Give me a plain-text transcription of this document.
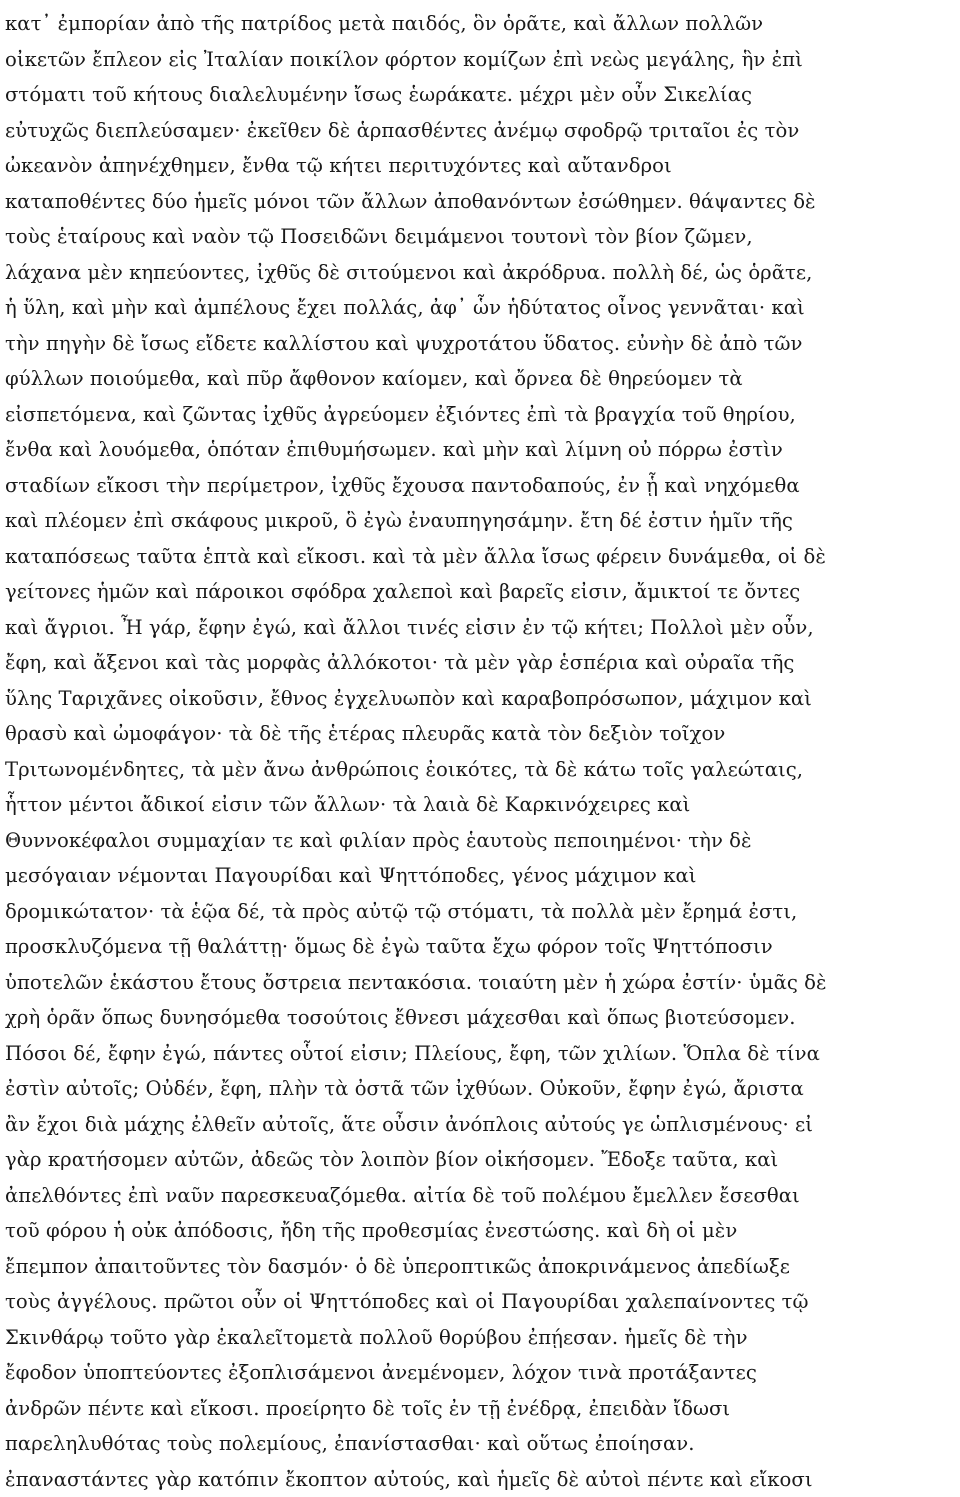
κατ᾽ ἐμπορίαν ἀπὸ τῆς πατρίδος μετὰ παιδός, ὃν ὁρᾶτε, καὶ ἄλλων πολλῶν
οἰκετῶν ἔπλεον εἰς Ἰταλίαν ποικίλον φόρτον κομίζων ἐπὶ νεὼς μεγάλης, ἣν ἐπὶ
στόματι τοῦ κήτους διαλελυμένην ἴσως ἑωράκατε. μέχρι μὲν οὖν Σικελίας
εὐτυχῶς διεπλεύσαμεν· ἐκεῖθεν δὲ ἁρπασθέντες ἀνέμῳ σφοδρῷ τριταῖοι ἐς τὸν
ὠκεανὸν ἀπηνέχθημεν, ἔνθα τῷ κήτει περιτυχόντες καὶ αὔτανδροι
καταποθέντες δύο ἡμεῖς μόνοι τῶν ἄλλων ἀποθανόντων ἐσώθημεν. θάψαντες δὲ
τοὺς ἑταίρους καὶ ναὸν τῷ Ποσειδῶνι δειμάμενοι τουτονὶ τὸν βίον ζῶμεν,
λάχανα μὲν κηπεύοντες, ἰχθῦς δὲ σιτούμενοι καὶ ἀκρόδρυα. πολλὴ δέ, ὡς ὁρᾶτε,
ἡ ὕλη, καὶ μὴν καὶ ἀμπέλους ἔχει πολλάς, ἀφ᾽ ὧν ἡδύτατος οἶνος γεννᾶται· καὶ
τὴν πηγὴν δὲ ἴσως εἴδετε καλλίστου καὶ ψυχροτάτου ὕδατος. εὐνὴν δὲ ἀπὸ τῶν
φύλλων ποιούμεθα, καὶ πῦρ ἄφθονον καίομεν, καὶ ὄρνεα δὲ θηρεύομεν τὰ
εἰσπετόμενα, καὶ ζῶντας ἰχθῦς ἀγρεύομεν ἐξιόντες ἐπὶ τὰ βραγχία τοῦ θηρίου,
ἔνθα καὶ λουόμεθα, ὁπόταν ἐπιθυμήσωμεν. καὶ μὴν καὶ λίμνη οὐ πόρρω ἐστὶν
σταδίων εἴκοσι τὴν περίμετρον, ἰχθῦς ἔχουσα παντοδαπούς, ἐν ᾗ καὶ νηχόμεθα
καὶ πλέομεν ἐπὶ σκάφους μικροῦ, ὃ ἐγὼ ἐναυπηγησάμην. ἔτη δέ ἐστιν ἡμῖν τῆς
καταπόσεως ταῦτα ἑπτὰ καὶ εἴκοσι. καὶ τὰ μὲν ἄλλα ἴσως φέρειν δυνάμεθα, οἱ δὲ
γείτονες ἡμῶν καὶ πάροικοι σφόδρα χαλεποὶ καὶ βαρεῖς εἰσιν, ἄμικτοί τε ὄντες
καὶ ἄγριοι. Ἦ γάρ, ἔφην ἐγώ, καὶ ἄλλοι τινές εἰσιν ἐν τῷ κήτει; Πολλοὶ μὲν οὖν,
ἔφη, καὶ ἄξενοι καὶ τὰς μορφὰς ἀλλόκοτοι· τὰ μὲν γὰρ ἑσπέρια καὶ οὐραῖα τῆς
ὕλης Ταριχᾶνες οἰκοῦσιν, ἔθνος ἐγχελυωπὸν καὶ καραβοπρόσωπον, μάχιμον καὶ
θρασὺ καὶ ὠμοφάγον· τὰ δὲ τῆς ἑτέρας πλευρᾶς κατὰ τὸν δεξιὸν τοῖχον
Τριτωνομένδητες, τὰ μὲν ἄνω ἀνθρώποις ἐοικότες, τὰ δὲ κάτω τοῖς γαλεώταις,
ἧττον μέντοι ἄδικοί εἰσιν τῶν ἄλλων· τὰ λαιὰ δὲ Καρκινόχειρες καὶ
Θυννοκέφαλοι συμμαχίαν τε καὶ φιλίαν πρὸς ἑαυτοὺς πεποιημένοι· τὴν δὲ
μεσόγαιαν νέμονται Παγουρίδαι καὶ Ψηττόποδες, γένος μάχιμον καὶ
δρομικώτατον· τὰ ἑῷα δέ, τὰ πρὸς αὐτῷ τῷ στόματι, τὰ πολλὰ μὲν ἔρημά ἐστι,
προσκλυζόμενα τῇ θαλάττῃ· ὅμως δὲ ἐγὼ ταῦτα ἔχω φόρον τοῖς Ψηττόποσιν
ὑποτελῶν ἑκάστου ἔτους ὄστρεια πεντακόσια. τοιαύτη μὲν ἡ χώρα ἐστίν· ὑμᾶς δὲ
χρὴ ὁρᾶν ὅπως δυνησόμεθα τοσούτοις ἔθνεσι μάχεσθαι καὶ ὅπως βιοτεύσομεν.
Πόσοι δέ, ἔφην ἐγώ, πάντες οὗτοί εἰσιν; Πλείους, ἔφη, τῶν χιλίων. Ὅπλα δὲ τίνα
ἐστὶν αὐτοῖς; Οὐδέν, ἔφη, πλὴν τὰ ὀστᾶ τῶν ἰχθύων. Οὐκοῦν, ἔφην ἐγώ, ἄριστα
ἂν ἔχοι διὰ μάχης ἐλθεῖν αὐτοῖς, ἅτε οὖσιν ἀνόπλοις αὐτούς γε ὡπλισμένους· εἰ
γὰρ κρατήσομεν αὐτῶν, ἀδεῶς τὸν λοιπὸν βίον οἰκήσομεν. Ἔδοξε ταῦτα, καὶ
ἀπελθόντες ἐπὶ ναῦν παρεσκευαζόμεθα. αἰτία δὲ τοῦ πολέμου ἔμελλεν ἔσεσθαι
τοῦ φόρου ἡ οὐκ ἀπόδοσις, ἤδη τῆς προθεσμίας ἐνεστώσης. καὶ δὴ οἱ μὲν
ἔπεμπον ἀπαιτοῦντες τὸν δασμόν· ὁ δὲ ὑπεροπτικῶς ἀποκρινάμενος ἀπεδίωξε
τοὺς ἀγγέλους. πρῶτοι οὖν οἱ Ψηττόποδες καὶ οἱ Παγουρίδαι χαλεπαίνοντες τῷ
Σκινθάρῳ τοῦτο γὰρ ἐκαλεῖτομετὰ πολλοῦ θορύβου ἐπῄεσαν. ἡμεῖς δὲ τὴν
ἔφοδον ὑποπτεύοντες ἐξοπλισάμενοι ἀνεμένομεν, λόχον τινὰ προτάξαντες
ἀνδρῶν πέντε καὶ εἴκοσι. προείρητο δὲ τοῖς ἐν τῇ ἐνέδρᾳ, ἐπειδὰν ἴδωσι
παρεληλυθότας τοὺς πολεμίους, ἐπανίστασθαι· καὶ οὕτως ἐποίησαν.
ἐπαναστάντες γὰρ κατόπιν ἔκοπτον αὐτούς, καὶ ἡμεῖς δὲ αὐτοὶ πέντε καὶ εἴκοσι
